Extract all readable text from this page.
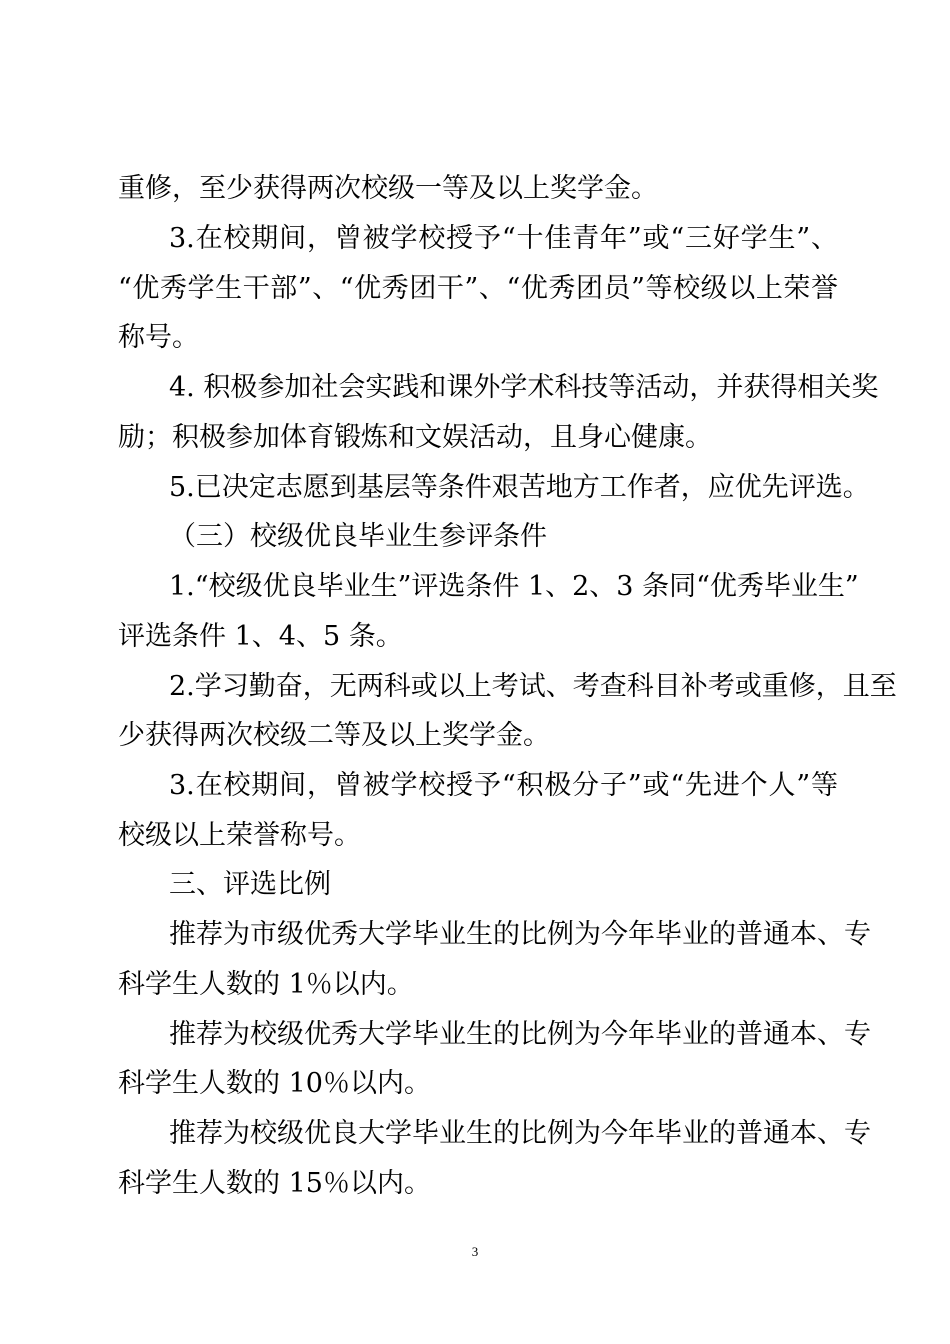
重修，至少获得两次校级一等及以上奖学金。
3.在校期间，曾被学校授予“十佳青年”或“三好学生”、
“优秀学生干部”、“优秀团干”、“优秀团员”等校级以上荣誉
称号。
4. 积极参加社会实践和课外学术科技等活动，并获得相关奖
励；积极参加体育锻炼和文娱活动，且身心健康。
5.已决定志愿到基层等条件艰苦地方工作者，应优先评选。
（三）校级优良毕业生参评条件
1.“校级优良毕业生”评选条件 1、2、3 条同“优秀毕业生”
评选条件 1、4、5 条。
2.学习勤奋，无两科或以上考试、考查科目补考或重修，且至
少获得两次校级二等及以上奖学金。
3.在校期间，曾被学校授予“积极分子”或“先进个人”等
校级以上荣誉称号。
三、评选比例
推荐为市级优秀大学毕业生的比例为今年毕业的普通本、专
科学生人数的 1％以内。
推荐为校级优秀大学毕业生的比例为今年毕业的普通本、专
科学生人数的 10％以内。
推荐为校级优良大学毕业生的比例为今年毕业的普通本、专
科学生人数的 15％以内。
3
